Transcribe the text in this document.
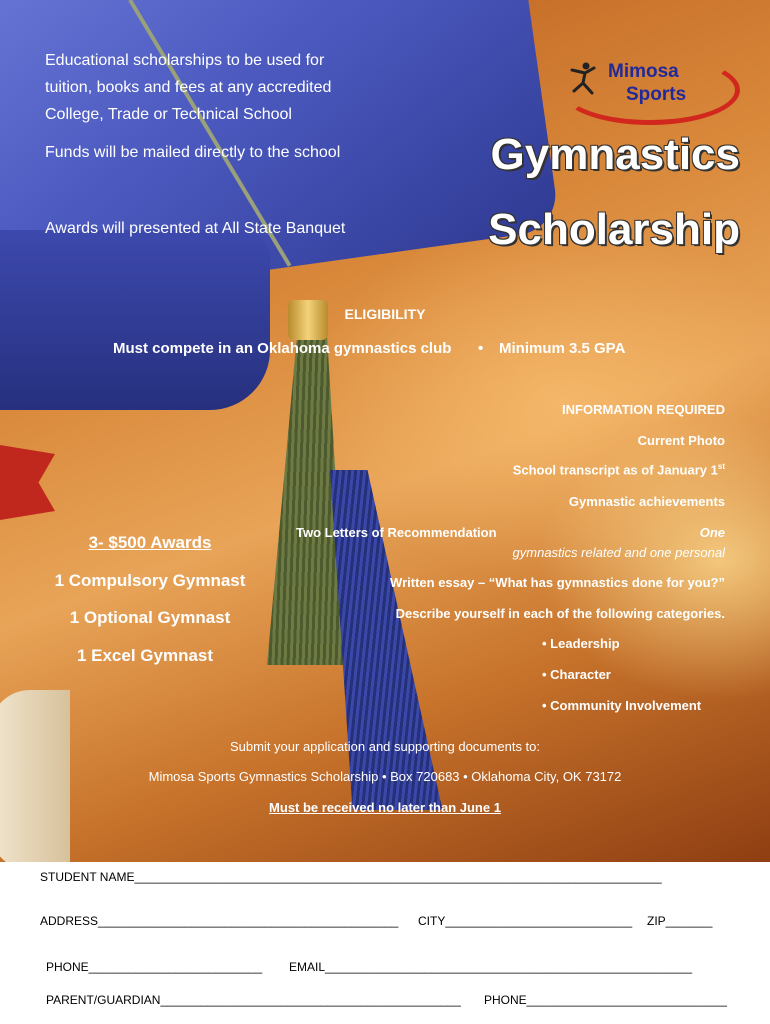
Educational scholarships to be used for
tuition, books and fees at any accredited
College, Trade or Technical School
Funds will be mailed directly to the school
Awards will presented at All State Banquet
Mimosa
Sports
Gymnastics
Scholarship
ELIGIBILITY
Must compete in an Oklahoma gymnastics club • Minimum 3.5 GPA
INFORMATION REQUIRED
Current Photo
School transcript as of January 1st
Gymnastic achievements
Two Letters of Recommendation	One
gymnastics related and one personal
Written essay – “What has gymnastics done for you?”
Describe yourself in each of the following categories.
• Leadership
• Character
• Community Involvement
3- $500 Awards
1 Compulsory Gymnast
1 Optional Gymnast
1 Excel Gymnast
Submit your application and supporting documents to:
Mimosa Sports Gymnastics Scholarship • Box 720683 • Oklahoma City, OK 73172
Must be received no later than June 1
STUDENT NAME_______________________________________________________________________________
ADDRESS_____________________________________________ CITY____________________________ ZIP_______
PHONE__________________________ EMAIL_______________________________________________________
PARENT/GUARDIAN_____________________________________________ PHONE______________________________
